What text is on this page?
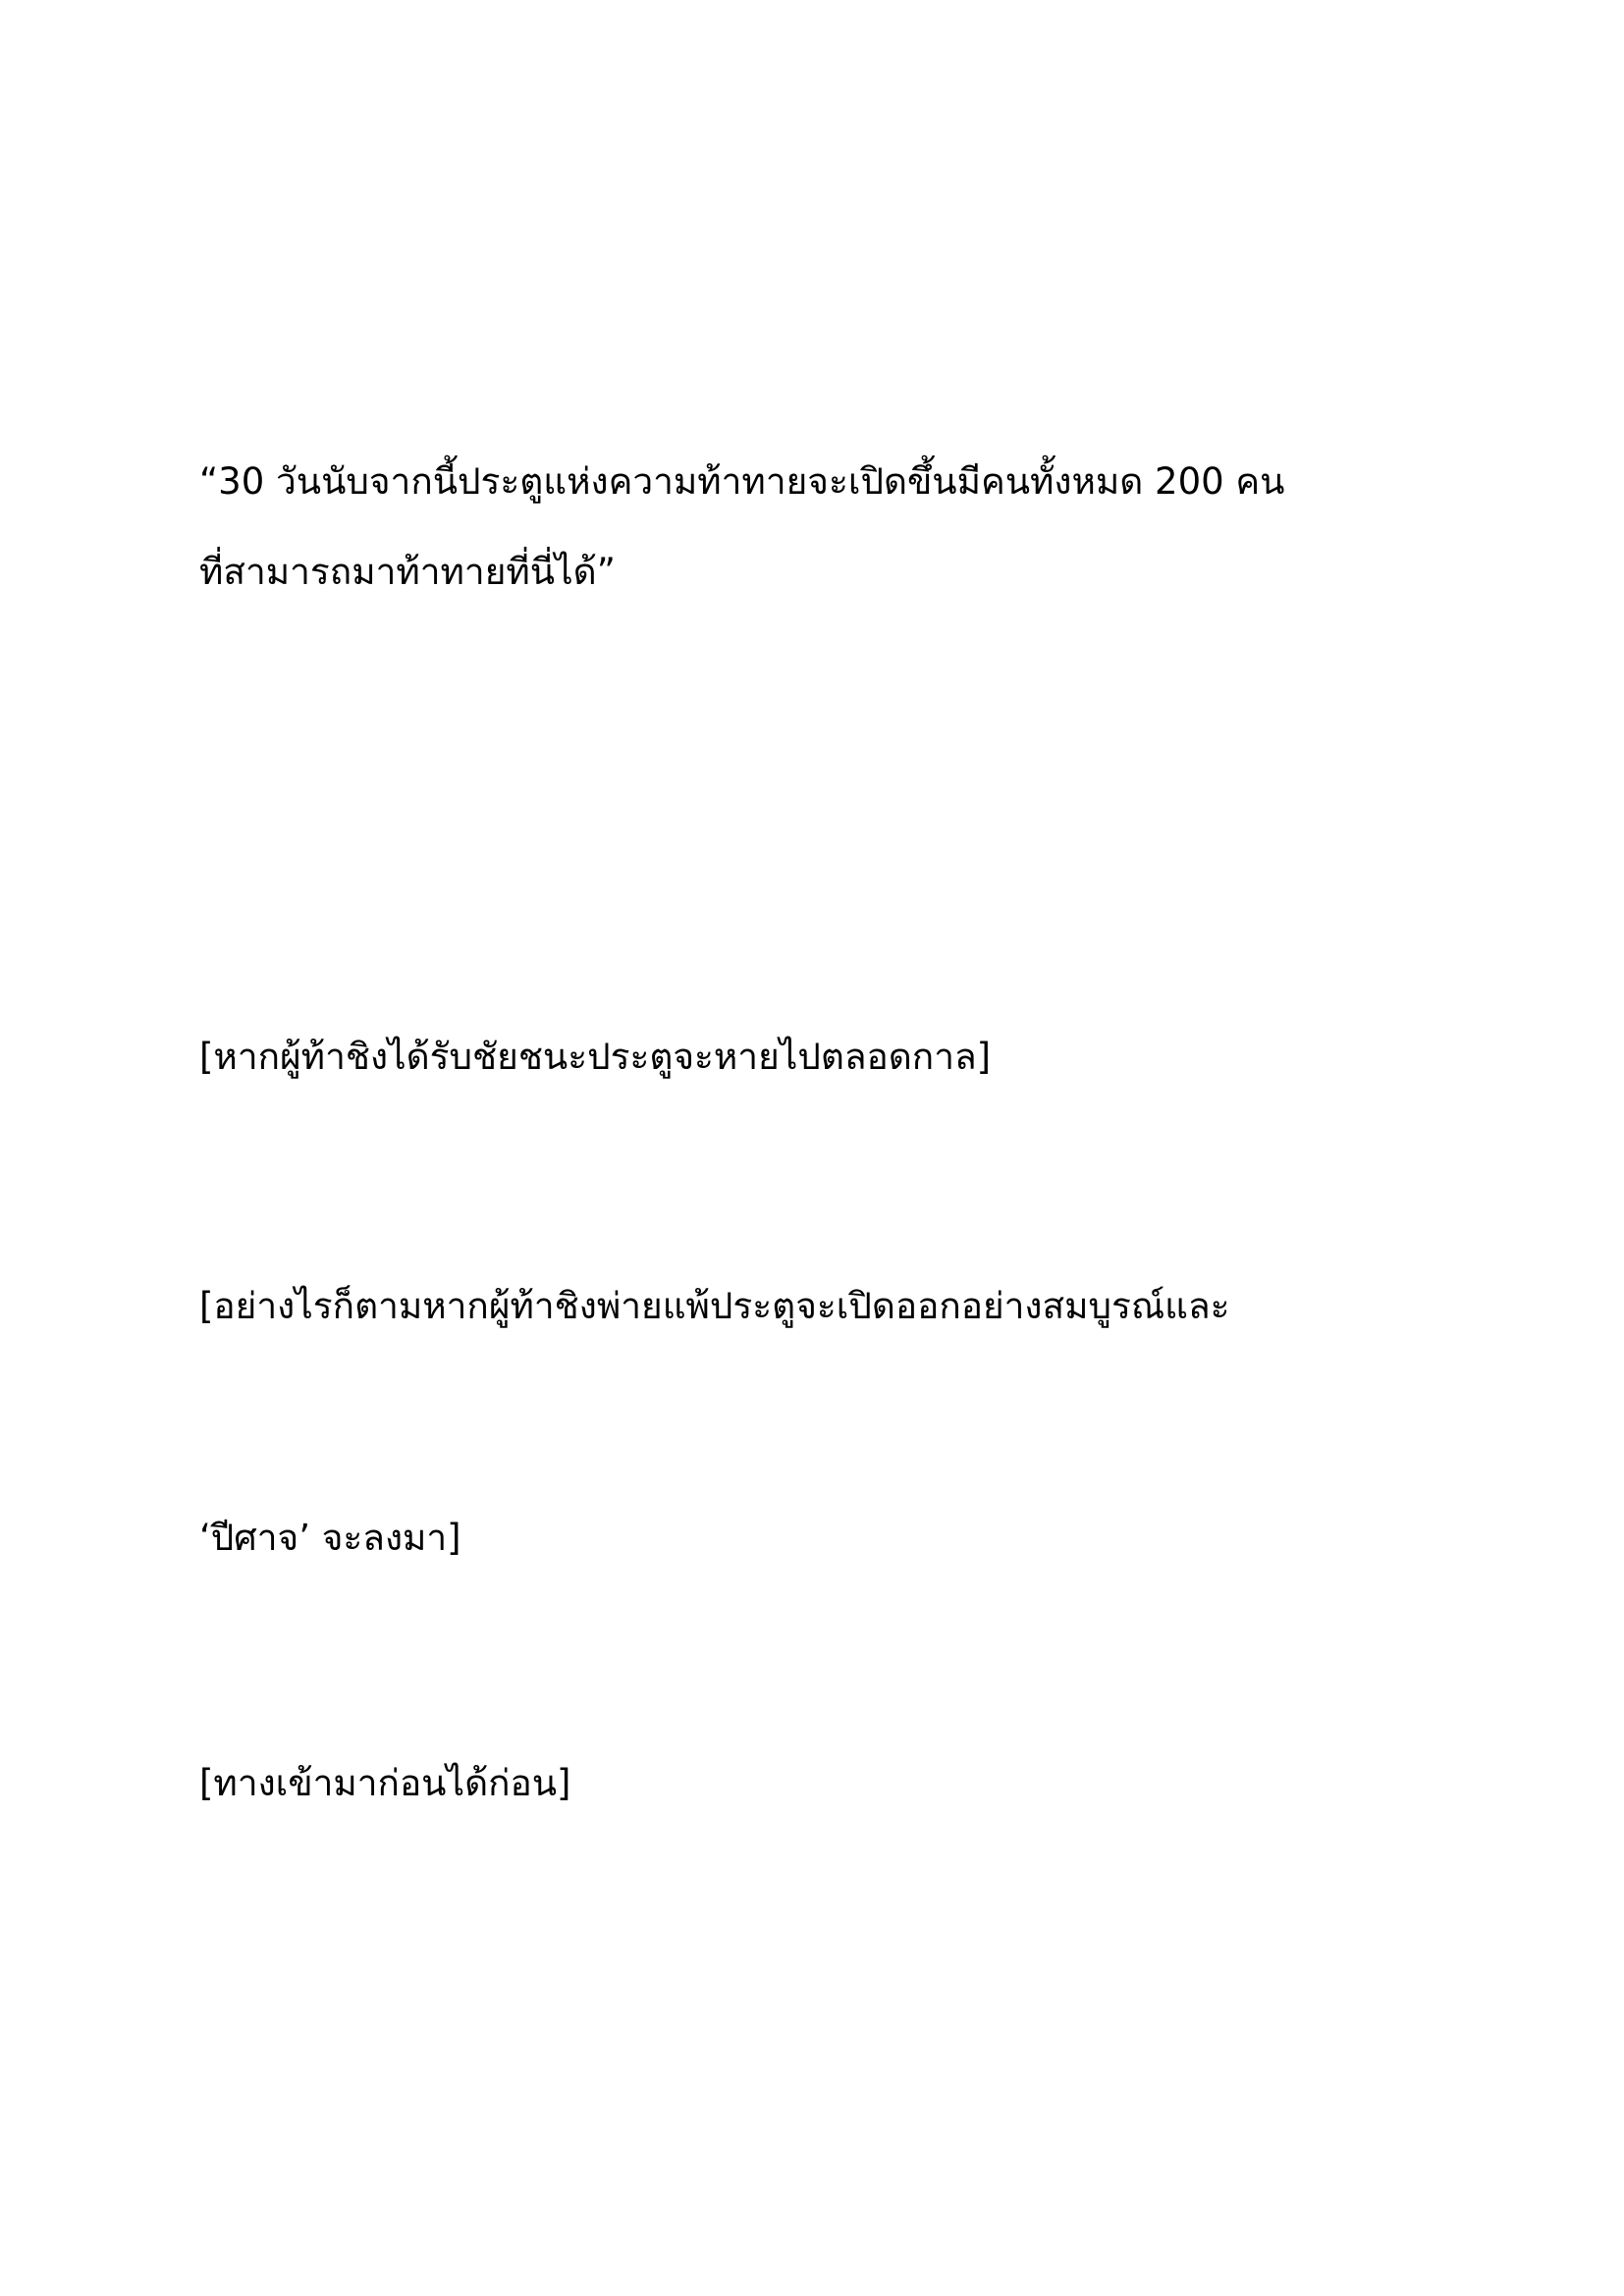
“30 วันนับจากนี้ประตูแห่งความท้าทายจะเปิดขึ้นมีคนทั้งหมด 200 คน

ที่สามารถมาท้าทายที่นี่ได้”

[หากผู้ท้าชิงได้รับชัยชนะประตูจะหายไปตลอดกาล]

[อย่างไรก็ตามหากผู้ท้าชิงพ่ายแพ้ประตูจะเปิดออกอย่างสมบูรณ์และ

‘ปีศาจ’ จะลงมา]

[ทางเข้ามาก่อนได้ก่อน]
